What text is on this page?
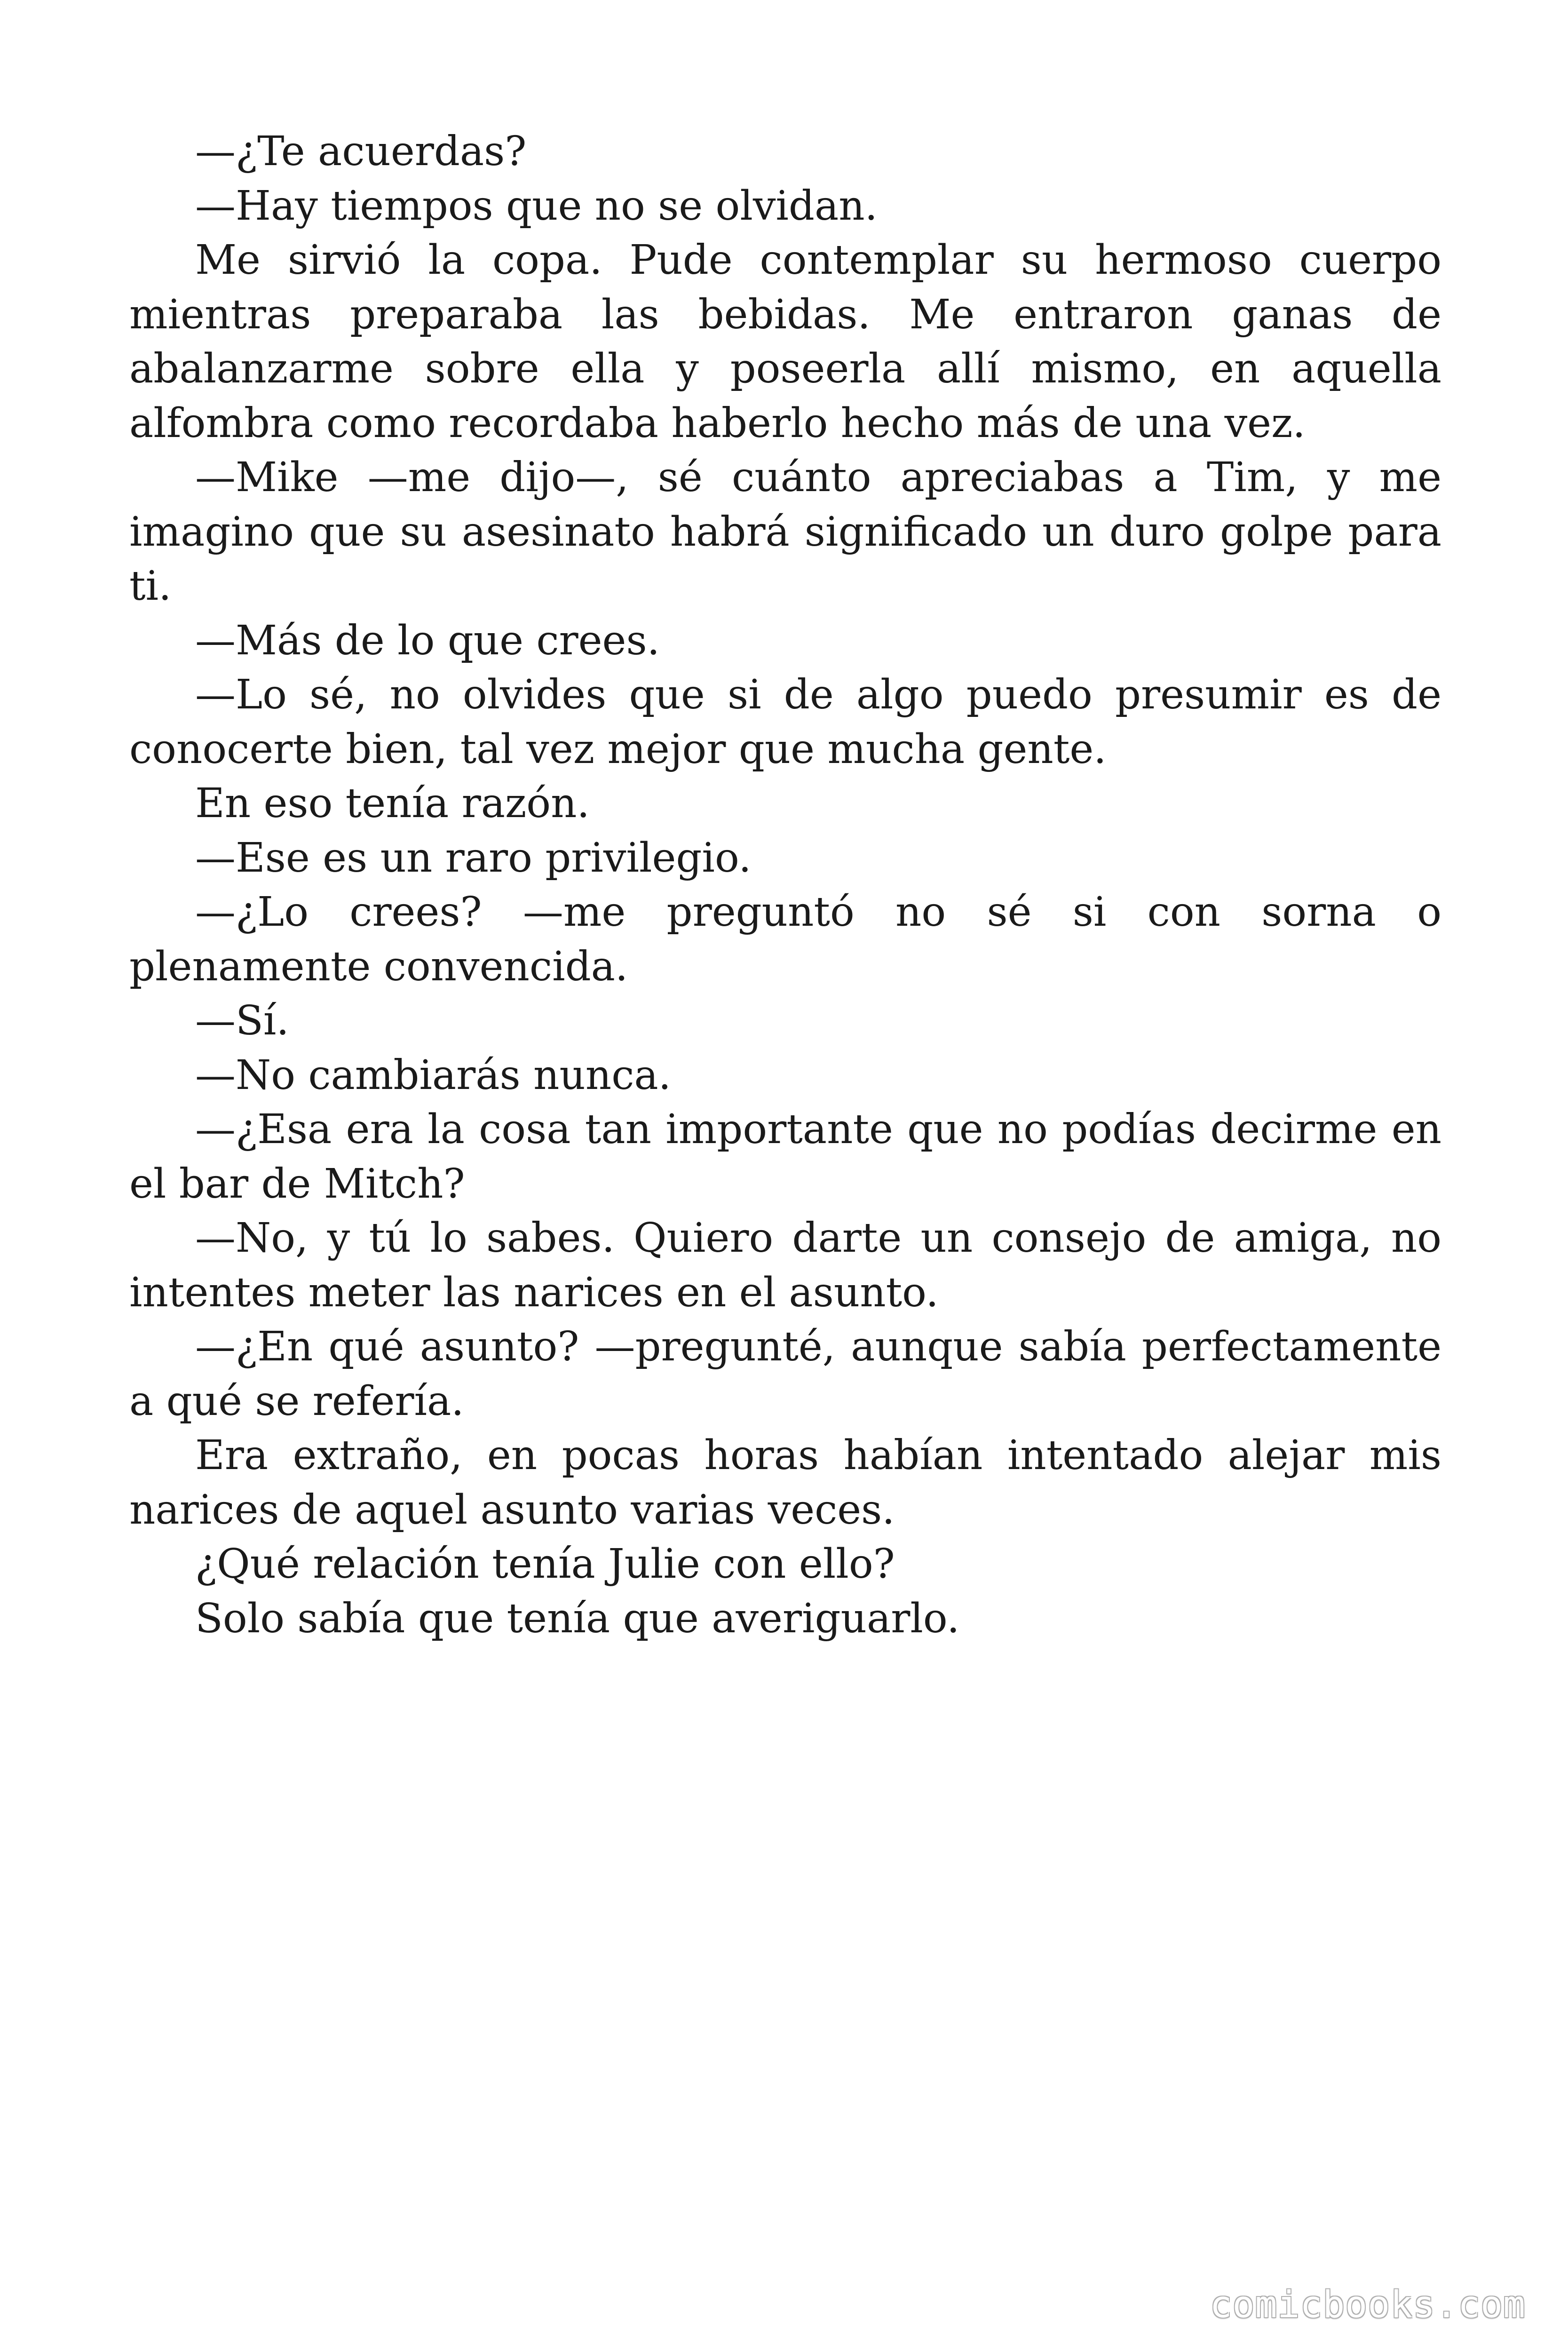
—¿Te acuerdas?

—Hay tiempos que no se olvidan.

Me sirvió la copa. Pude contemplar su hermoso cuerpo mientras preparaba las bebidas. Me entraron ganas de abalanzarme sobre ella y poseerla allí mismo, en aquella alfombra como recordaba haberlo hecho más de una vez.

—Mike —me dijo—, sé cuánto apreciabas a Tim, y me imagino que su asesinato habrá significado un duro golpe para ti.

—Más de lo que crees.

—Lo sé, no olvides que si de algo puedo presumir es de conocerte bien, tal vez mejor que mucha gente.

En eso tenía razón.

—Ese es un raro privilegio.

—¿Lo crees? —me preguntó no sé si con sorna o plenamente convencida.

—Sí.

—No cambiarás nunca.

—¿Esa era la cosa tan importante que no podías decirme en el bar de Mitch?

—No, y tú lo sabes. Quiero darte un consejo de amiga, no intentes meter las narices en el asunto.

—¿En qué asunto? —pregunté, aunque sabía perfectamente a qué se refería.

Era extraño, en pocas horas habían intentado alejar mis narices de aquel asunto varias veces.

¿Qué relación tenía Julie con ello?

Solo sabía que tenía que averiguarlo.

comicbooks.com
